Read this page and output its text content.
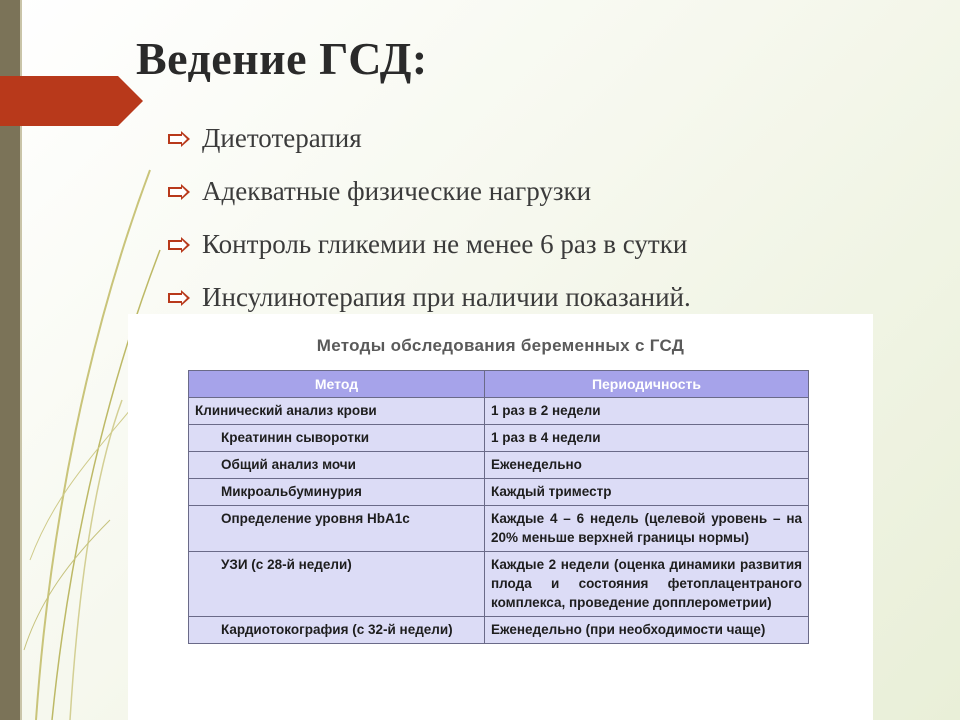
Ведение ГСД:
Диетотерапия
Адекватные физические нагрузки
Контроль гликемии не менее 6 раз в сутки
Инсулинотерапия при наличии показаний.
Методы обследования беременных с ГСД
Метод	Периодичность
Клинический анализ крови	1 раз в 2 недели
Креатинин сыворотки	1 раз в 4 недели
Общий анализ мочи	Еженедельно
Микроальбуминурия	Каждый триместр
Определение уровня HbA1c	Каждые 4 – 6 недель (целевой уровень – на 20% меньше верхней границы нормы)
УЗИ (с 28-й недели)	Каждые 2 недели (оценка динамики развития плода и состояния фетоплацентраного комплекса, проведение допплерометрии)
Кардиотокография (с 32-й недели)	Еженедельно (при необходимости чаще)
